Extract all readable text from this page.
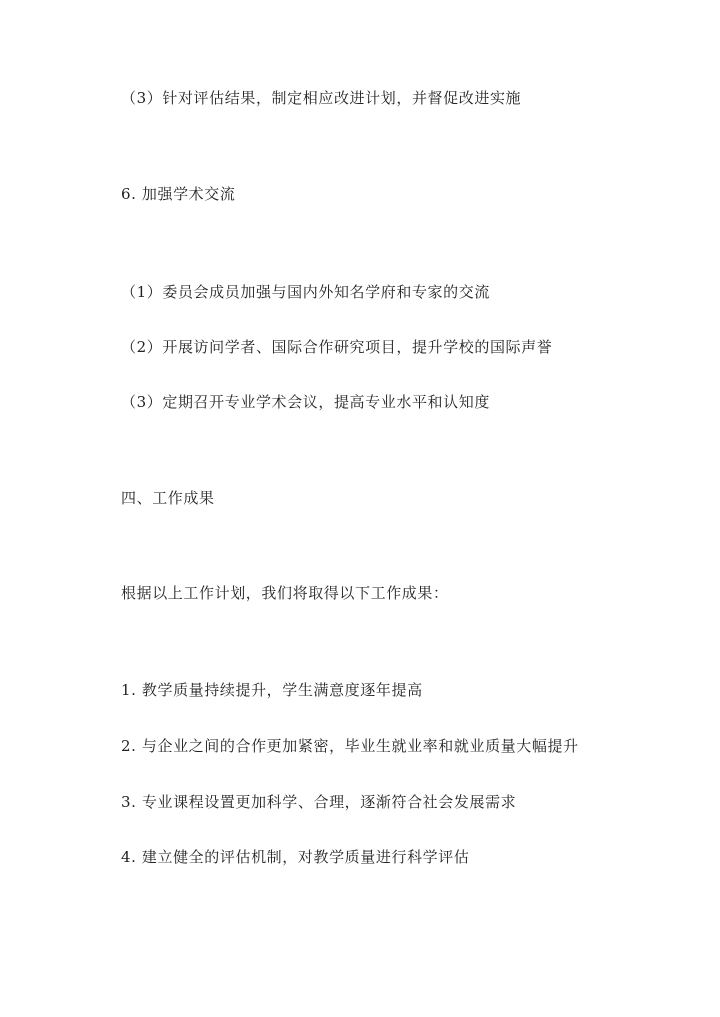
（3）针对评估结果，制定相应改进计划，并督促改进实施
6. 加强学术交流
（1）委员会成员加强与国内外知名学府和专家的交流
（2）开展访问学者、国际合作研究项目，提升学校的国际声誉
（3）定期召开专业学术会议，提高专业水平和认知度
四、工作成果
根据以上工作计划，我们将取得以下工作成果：
1. 教学质量持续提升，学生满意度逐年提高
2. 与企业之间的合作更加紧密，毕业生就业率和就业质量大幅提升
3. 专业课程设置更加科学、合理，逐渐符合社会发展需求
4. 建立健全的评估机制，对教学质量进行科学评估
